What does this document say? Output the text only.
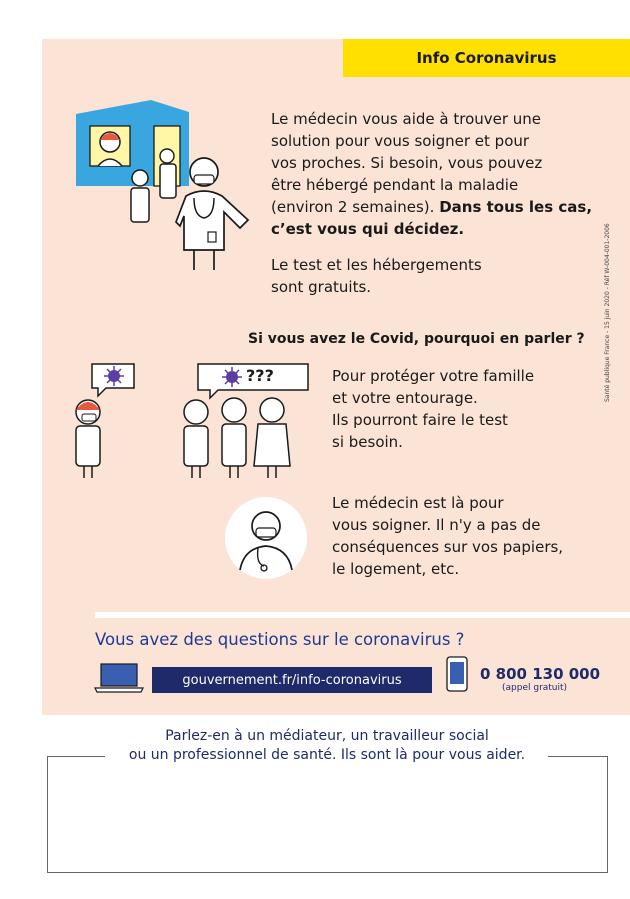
Info Coronavirus
Le médecin vous aide à trouver une
solution pour vous soigner et pour
vos proches. Si besoin, vous pouvez
être hébergé pendant la maladie
(environ 2 semaines). Dans tous les cas,
c’est vous qui décidez.
Le test et les hébergements
sont gratuits.
Si vous avez le Covid, pourquoi en parler ?
???	Pour protéger votre famille
et votre entourage.
Ils pourront faire le test
si besoin.
Le médecin est là pour
vous soigner. Il n'y a pas de
conséquences sur vos papiers,
le logement, etc.
Santé publique France - 15 juin 2020 - Réf W-004-001-2006
Vous avez des questions sur le coronavirus ?
gouvernement.fr/info-coronavirus	0 800 130 000
(appel gratuit)
Parlez-en à un médiateur, un travailleur social
ou un professionnel de santé. Ils sont là pour vous aider.
